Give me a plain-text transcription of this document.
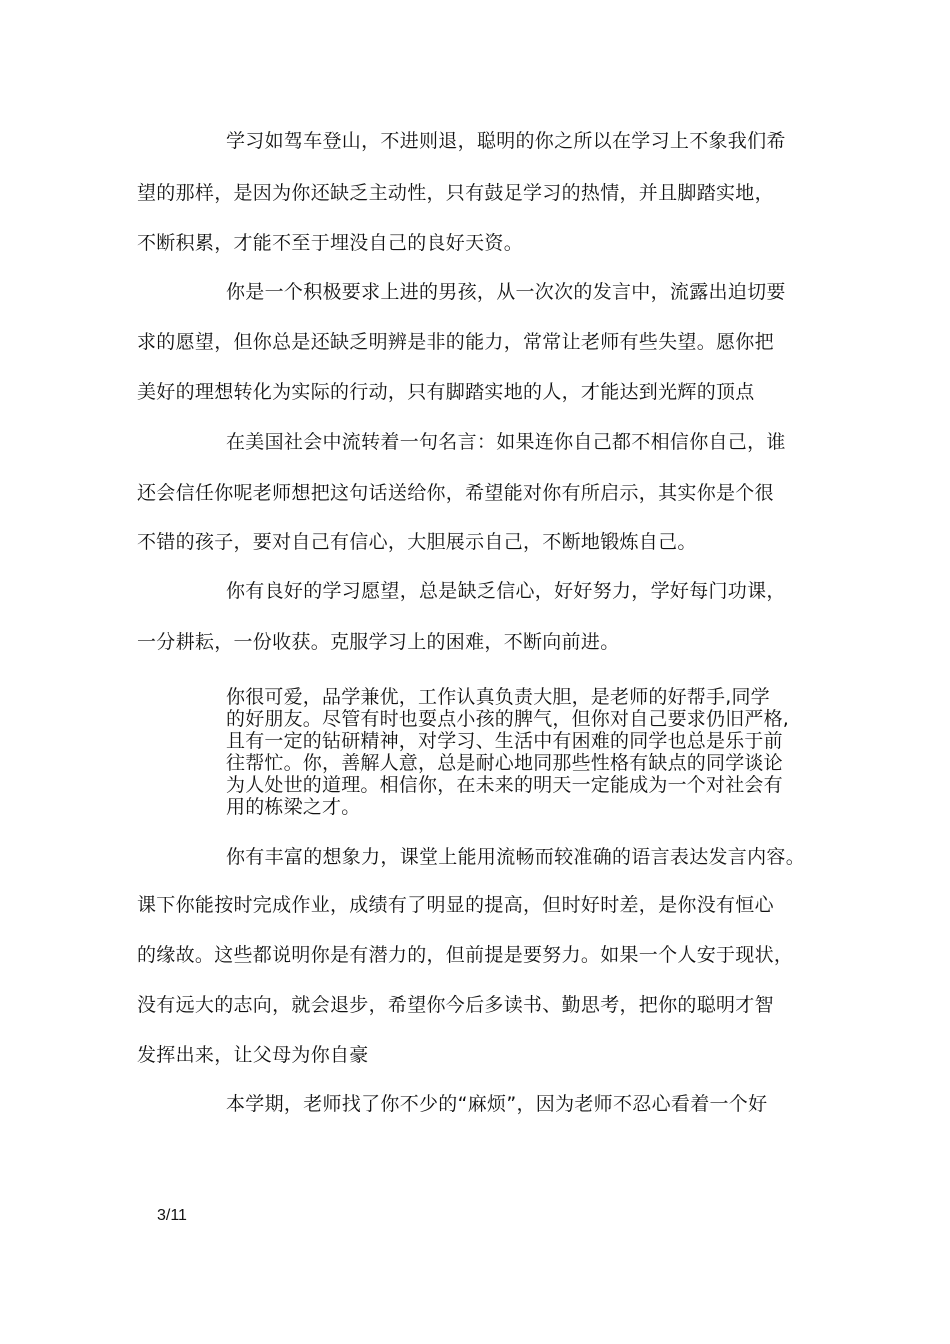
学习如驾车登山，不进则退，聪明的你之所以在学习上不象我们希
望的那样，是因为你还缺乏主动性，只有鼓足学习的热情，并且脚踏实地，
不断积累，才能不至于埋没自己的良好天资。
你是一个积极要求上进的男孩，从一次次的发言中，流露出迫切要
求的愿望，但你总是还缺乏明辨是非的能力，常常让老师有些失望。愿你把
美好的理想转化为实际的行动，只有脚踏实地的人，才能达到光辉的顶点
在美国社会中流转着一句名言：如果连你自己都不相信你自己，谁
还会信任你呢老师想把这句话送给你，希望能对你有所启示，其实你是个很
不错的孩子，要对自己有信心，大胆展示自己，不断地锻炼自己。
你有良好的学习愿望，总是缺乏信心，好好努力，学好每门功课，
一分耕耘，一份收获。克服学习上的困难，不断向前进。
你很可爱，品学兼优，工作认真负责大胆，是老师的好帮手,同学
的好朋友。尽管有时也耍点小孩的脾气，但你对自己要求仍旧严格,
且有一定的钻研精神，对学习、生活中有困难的同学也总是乐于前
往帮忙。你，善解人意，总是耐心地同那些性格有缺点的同学谈论
为人处世的道理。相信你，在未来的明天一定能成为一个对社会有
用的栋梁之才。
你有丰富的想象力，课堂上能用流畅而较准确的语言表达发言内容。
课下你能按时完成作业，成绩有了明显的提高，但时好时差，是你没有恒心
的缘故。这些都说明你是有潜力的，但前提是要努力。如果一个人安于现状，
没有远大的志向，就会退步，希望你今后多读书、勤思考，把你的聪明才智
发挥出来，让父母为你自豪
本学期，老师找了你不少的“麻烦”，因为老师不忍心看着一个好
3/11
